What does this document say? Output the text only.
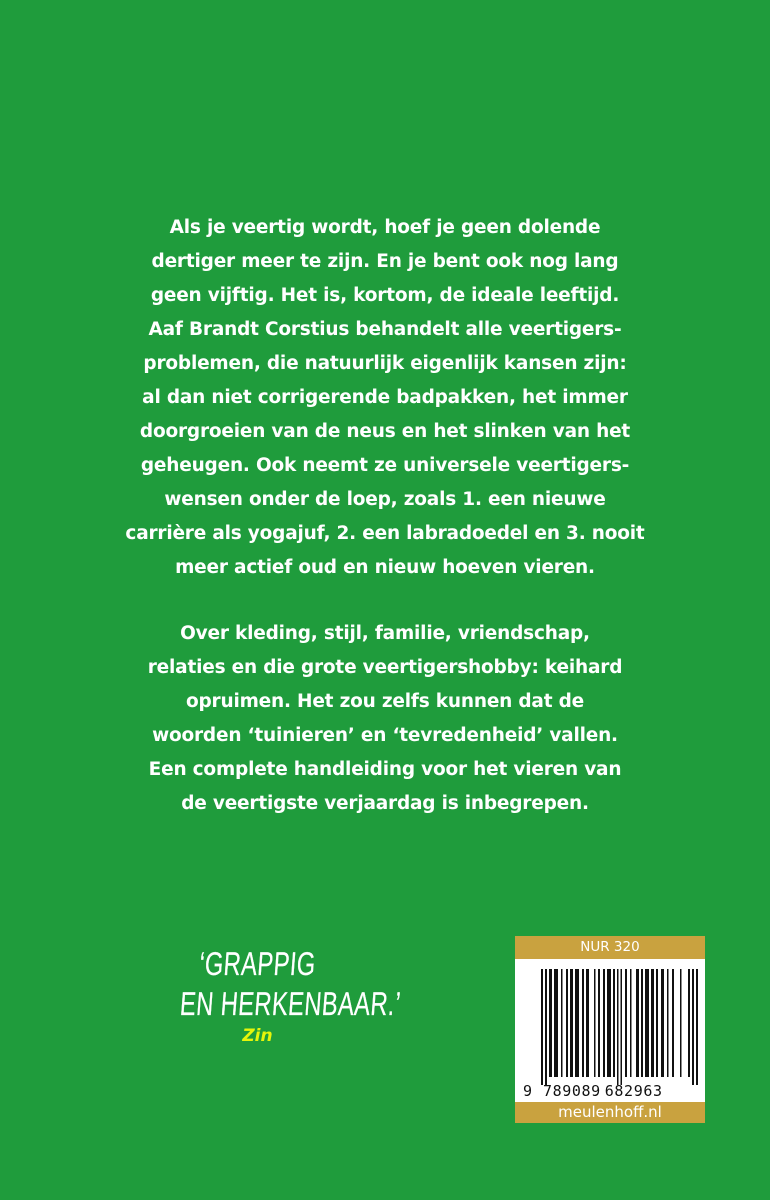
Als je veertig wordt, hoef je geen dolende
dertiger meer te zijn. En je bent ook nog lang
geen vijftig. Het is, kortom, de ideale leeftijd.
Aaf Brandt Corstius behandelt alle veertigers-
problemen, die natuurlijk eigenlijk kansen zijn:
al dan niet corrigerende badpakken, het immer
doorgroeien van de neus en het slinken van het
geheugen. Ook neemt ze universele veertigers-
wensen onder de loep, zoals 1. een nieuwe
carrière als yogajuf, 2. een labradoedel en 3. nooit
meer actief oud en nieuw hoeven vieren.
Over kleding, stijl, familie, vriendschap,
relaties en die grote veertigershobby: keihard
opruimen. Het zou zelfs kunnen dat de
woorden ‘tuinieren’ en ‘tevredenheid’ vallen.
Een complete handleiding voor het vieren van
de veertigste verjaardag is inbegrepen.
‘GRAPPIG
EN HERKENBAAR.’
Zin
NUR 320
9 789089 682963
meulenhoff.nl
